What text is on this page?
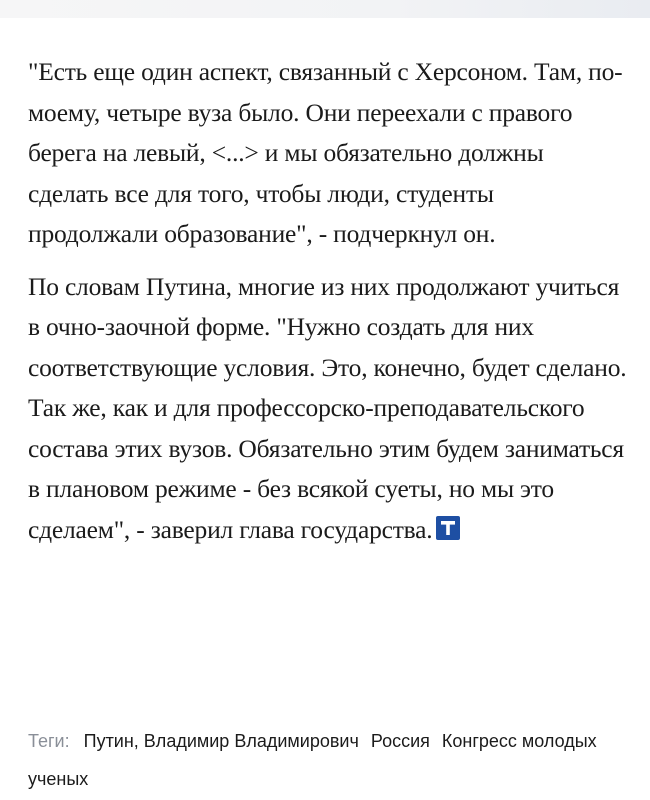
"Есть еще один аспект, связанный с Херсоном. Там, по-моему, четыре вуза было. Они переехали с правого берега на левый, <...> и мы обязательно должны сделать все для того, чтобы люди, студенты продолжали образование", - подчеркнул он.

По словам Путина, многие из них продолжают учиться в очно-заочной форме. "Нужно создать для них соответствующие условия. Это, конечно, будет сделано. Так же, как и для профессорско-преподавательского состава этих вузов. Обязательно этим будем заниматься в плановом режиме - без всякой суеты, но мы это сделаем", - заверил глава государства.

Теги: Путин, Владимир Владимирович Россия Конгресс молодых ученых
